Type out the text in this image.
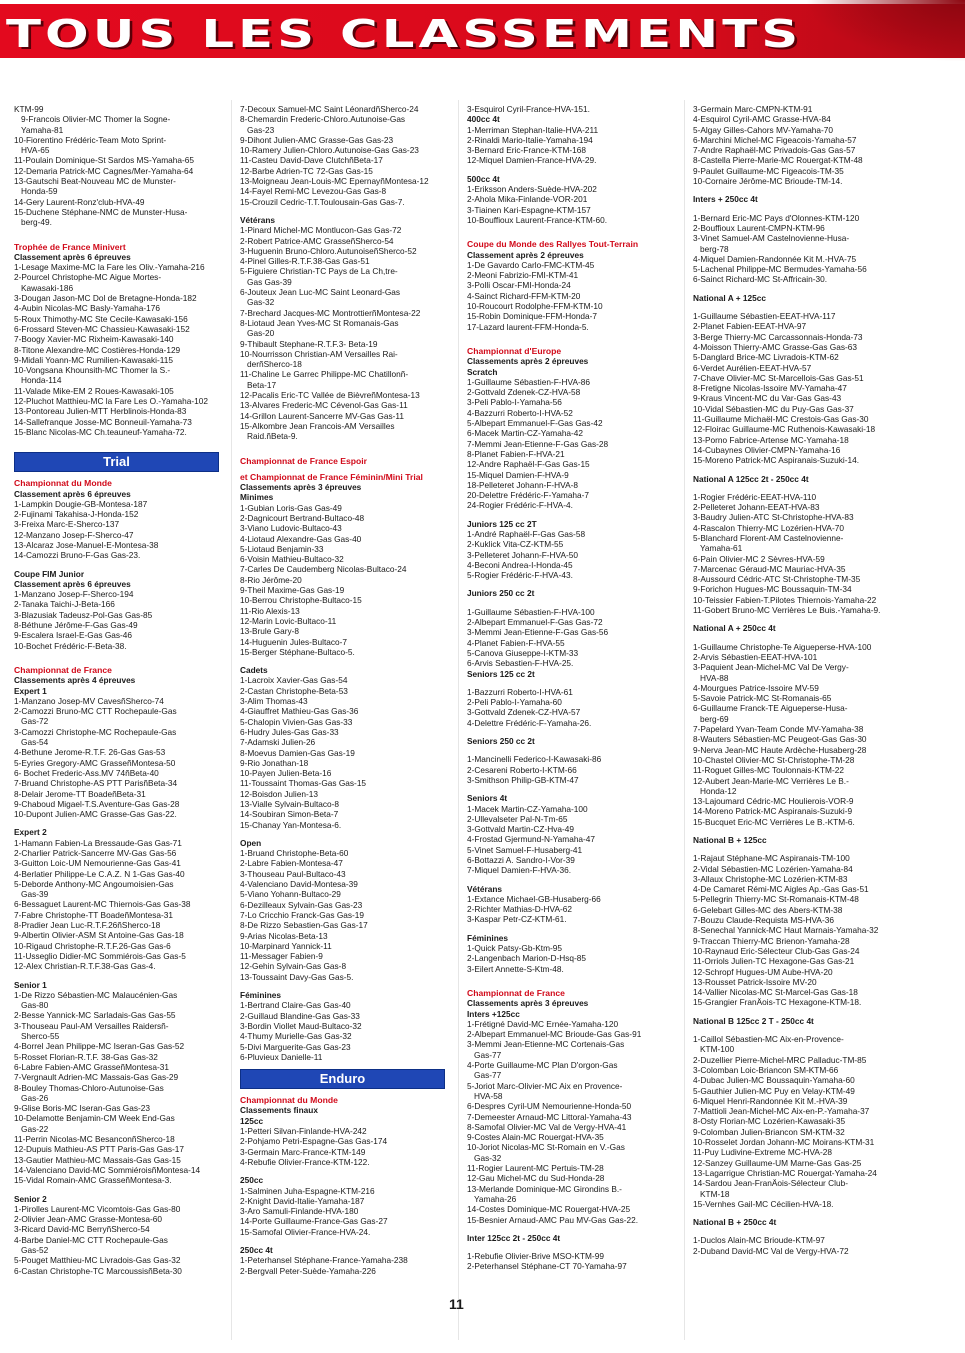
TOUS LES CLASSEMENTS
KTM-99
9-Francois Olivier-MC Thomer la Sogne-
Yamaha-81
10-Fiorentino Frédéric-Team Moto Sprint-
HVA-65
11-Poulain Dominique-St Sardos MS-Yamaha-65
12-Demaria Patrick-MC Cagnes/Mer-Yamaha-64
13-Gautschi Beat-Nouveau MC de Munster-
Honda-59
14-Gery Laurent-Ronz'club-HVA-49
15-Duchene Stéphane-NMC de Munster-Husa-
berg-49.
Trophée de France Minivert
Classement après 6 épreuves
1-Lesage Maxime-MC la Fare les Oliv.-Yamaha-216
2-Pourcel Christophe-MC Aigue Mortes-
Kawasaki-186
3-Dougan Jason-MC Dol de Bretagne-Honda-182
4-Aubin Nicolas-MC Basly-Yamaha-176
5-Roux Thimothy-MC Ste Cecile-Kawasaki-156
6-Frossard Steven-MC Chassieu-Kawasaki-152
7-Boogy Xavier-MC Rixheim-Kawasaki-140
8-Titone Alexandre-MC Costières-Honda-129
9-Midali Yoann-MC Rumilien-Kawasaki-115
10-Vongsana Khounsith-MC Thomer la S.-
Honda-114
11-Valade Mike-EM 2 Roues-Kawasaki-105
12-Pluchot Matthieu-MC la Fare Les O.-Yamaha-102
13-Pontoreau Julien-MTT Herblinois-Honda-83
14-Sallefranque Josse-MC Bonneuil-Yamaha-73
15-Blanc Nicolas-MC Ch.teauneuf-Yamaha-72.
Trial
Championnat du Monde
Classement après 6 épreuves
1-Lampkin Dougie-GB-Montesa-187
2-Fujinami Takahisa-J-Honda-152
3-Freixa Marc-E-Sherco-137
12-Manzano Josep-F-Sherco-47
13-Alcaraz Jose-Manuel-E-Montesa-38
14-Camozzi Bruno-F-Gas Gas-23.
Coupe FIM Junior
Classement après 6 épreuves
1-Manzano Josep-F-Sherco-194
2-Tanaka Taichi-J-Beta-166
3-Blazusiak Tadeusz-Pol-Gas Gas-85
8-Béthune Jérôme-F-Gas Gas-49
9-Escalera Israel-E-Gas Gas-46
10-Bochet Frédéric-F-Beta-38.
Championnat de France
Classements après 4 épreuves
Expert 1
1-Manzano Josep-MV CavesñSherco-74
2-Camozzi Bruno-MC CTT Rochepaule-Gas
Gas-72
3-Camozzi Christophe-MC Rochepaule-Gas
Gas-54
4-Bethune Jerome-R.T.F. 26-Gas Gas-53
5-Eyries Gregory-AMC GrasseñMontesa-50
6- Bochet Frederic-Ass.MV 74ñBeta-40
7-Bruand Christophe-AS PTT ParisñBeta-34
8-Delair Jerome-TT BoadeñBeta-31
9-Chaboud Migael-T.S.Aventure-Gas Gas-28
10-Dupont Julien-AMC Grasse-Gas Gas-22.
Expert 2
1-Hamann Fabien-La Bressaude-Gas Gas-71
2-Charlier Patrick-Sancerre MV-Gas Gas-56
3-Guitton Loic-UM Nemourienne-Gas Gas-41
4-Berlatier Philippe-Le C.A.Z. N 1-Gas Gas-40
5-Deborde Anthony-MC Angoumoisien-Gas
Gas-39
6-Bessaguet Laurent-MC Thiernois-Gas Gas-38
7-Fabre Christophe-TT BoadeñMontesa-31
8-Pradier Jean Luc-R.T.F.26ñSherco-18
9-Albertin Olivier-ASM St Antoine-Gas Gas-18
10-Rigaud Christophe-R.T.F.26-Gas Gas-6
11-Usseglio Didier-MC Sommiérois-Gas Gas-5
12-Alex Christian-R.T.F.38-Gas Gas-4.
Senior 1
1-De Rizzo Sébastien-MC Malaucénien-Gas
Gas-80
2-Besse Yannick-MC Sarladais-Gas Gas-55
3-Thouseau Paul-AM Versailles Raidersñ-
Sherco-55
4-Borrel Jean Philippe-MC Iseran-Gas Gas-52
5-Rosset Florian-R.T.F. 38-Gas Gas-32
6-Labre Fabien-AMC GrasseñMontesa-31
7-Vergnault Adrien-MC Massais-Gas Gas-29
8-Bouley Thomas-Chloro-Autunoise-Gas
Gas-26
9-Glise Boris-MC Iseran-Gas Gas-23
10-Delamotte Benjamin-CM Week End-Gas
Gas-22
11-Perrin Nicolas-MC BesanconñSherco-18
12-Dupuis Mathieu-AS PTT Paris-Gas Gas-17
13-Gautier Mathieu-MC Massais-Gas Gas-15
14-Valenciano David-MC SommiéroisñMontesa-14
15-Vidal Romain-AMC GrasseñMontesa-3.
Senior 2
1-Pirolles Laurent-MC Vicomtois-Gas Gas-80
2-Olivier Jean-AMC Grasse-Montesa-60
3-Ricard David-MC BerryñSherco-54
4-Barbe Daniel-MC CTT Rochepaule-Gas
Gas-52
5-Pouget Matthieu-MC Livradois-Gas Gas-32
6-Castan Christophe-TC MarcoussisñBeta-30
7-Decoux Samuel-MC Saint LéonardñSherco-24
8-Chemardin Frederic-Chloro.Autunoise-Gas
Gas-23
9-Dihont Julien-AMC Grasse-Gas Gas-23
10-Ramery Julien-Chloro.Autunoise-Gas Gas-23
11-Casteu David-Dave ClutchñBeta-17
12-Barbe Adrien-TC 72-Gas Gas-15
13-Moigneau Jean-Louis-MC EpernayñMontesa-12
14-Fayel Remi-MC Levezou-Gas Gas-8
15-Crouzil Cedric-T.T.Toulousain-Gas Gas-7.
Vétérans
1-Pinard Michel-MC Montlucon-Gas Gas-72
2-Robert Patrice-AMC GrasseñSherco-54
3-Huguenin Bruno-Chloro.AutunoiseñSherco-52
4-Pinel Gilles-R.T.F.38-Gas Gas-51
5-Figuiere Christian-TC Pays de La Ch,tre-
Gas Gas-39
6-Jouteux Jean Luc-MC Saint Leonard-Gas
Gas-32
7-Brechard Jacques-MC MontrottierñMontesa-22
8-Liotaud Jean Yves-MC St Romanais-Gas
Gas-20
9-Thibault Stephane-R.T.F.3- Beta-19
10-Nourrisson Christian-AM Versailles Rai-
derñSherco-18
11-Chaline Le Garrec Philippe-MC Chatillonñ-
Beta-17
12-Pacalis Eric-TC Vallée de BièvreñMontesa-13
13-Alvares Frederic-MC Cévenol-Gas Gas-11
14-Grillon Laurent-Sancerre MV-Gas Gas-11
15-Alkombre Jean Francois-AM Versailles
Raid.ñBeta-9.
Championnat de France Espoir
et Championnat de France Féminin/Mini Trial
Classements après 3 épreuves
Minimes
1-Gubian Loris-Gas Gas-49
2-Dagnicourt Bertrand-Bultaco-48
3-Viano Ludovic-Bultaco-43
4-Liotaud Alexandre-Gas Gas-40
5-Liotaud Benjamin-33
6-Voisin Mathieu-Bultaco-32
7-Carles De Caudemberg Nicolas-Bultaco-24
8-Rio Jérôme-20
9-Theil Maxime-Gas Gas-19
10-Berrou Christophe-Bultaco-15
11-Rio Alexis-13
12-Marin Lovic-Bultaco-11
13-Brule Gary-8
14-Huguenin Jules-Bultaco-7
15-Berger Stéphane-Bultaco-5.
Cadets
1-Lacroix Xavier-Gas Gas-54
2-Castan Christophe-Beta-53
3-Alim Thomas-43
4-Giauffret Mathieu-Gas Gas-36
5-Chalopin Vivien-Gas Gas-33
6-Hudry Jules-Gas Gas-33
7-Adamski Julien-26
8-Moevus Damien-Gas Gas-19
9-Rio Jonathan-18
10-Payen Julien-Beta-16
11-Toussaint Thomas-Gas Gas-15
12-Boisdon Julien-13
13-Vialle Sylvain-Bultaco-8
14-Soubiran Simon-Beta-7
15-Chanay Yan-Montesa-6.
Open
1-Bruand Christophe-Beta-60
2-Labre Fabien-Montesa-47
3-Thouseau Paul-Bultaco-43
4-Valenciano David-Montesa-39
5-Viano Yohann-Bultaco-29
6-Dezilleaux Sylvain-Gas Gas-23
7-Lo Cricchio Franck-Gas Gas-19
8-De Rizzo Sebastien-Gas Gas-17
9-Arias Nicolas-Beta-13
10-Marpinard Yannick-11
11-Messager Fabien-9
12-Gehin Sylvain-Gas Gas-8
13-Toussaint Davy-Gas Gas-5.
Féminines
1-Bertrand Claire-Gas Gas-40
2-Guillaud Blandine-Gas Gas-33
3-Bordin Viollet Maud-Bultaco-32
4-Thumy Murielle-Gas Gas-32
5-Divi Marguerite-Gas Gas-23
6-Pluvieux Danielle-11
Enduro
Championnat du Monde
Classements finaux
125cc
1-Petteri Silvan-Finlande-HVA-242
2-Pohjamo Petri-Espagne-Gas Gas-174
3-Germain Marc-France-KTM-149
4-Rebufie Olivier-France-KTM-122.
250cc
1-Salminen Juha-Espagne-KTM-216
2-Knight David-Italie-Yamaha-187
3-Aro Samuli-Finlande-HVA-180
14-Porte Guillaume-France-Gas Gas-27
15-Samofal Olivier-France-HVA-24.
250cc 4t
1-Peterhansel Stéphane-France-Yamaha-238
2-Bergvall Peter-Suède-Yamaha-226
3-Esquirol Cyril-France-HVA-151.
400cc 4t
1-Merriman Stephan-Italie-HVA-211
2-Rinaldi Mario-Italie-Yamaha-194
3-Bernard Eric-France-KTM-168
12-Miquel Damien-France-HVA-29.
500cc 4t
1-Eriksson Anders-Suède-HVA-202
2-Ahola Mika-Finlande-VOR-201
3-Tiainen Kari-Espagne-KTM-157
10-Bouffioux Laurent-France-KTM-60.
Coupe du Monde des Rallyes Tout-Terrain
Classement après 2 épreuves
1-De Gavardo Carlo-FMC-KTM-45
2-Meoni Fabrizio-FMI-KTM-41
3-Polli Oscar-FMI-Honda-24
4-Sainct Richard-FFM-KTM-20
10-Roucourt Rodolphe-FFM-KTM-10
15-Robin Dominique-FFM-Honda-7
17-Lazard laurent-FFM-Honda-5.
Championnat d'Europe
Classements après 2 épreuves
Scratch
1-Guillaume Sébastien-F-HVA-86
2-Gottvald Zdenek-CZ-HVA-58
3-Peli Pablo-I-Yamaha-56
4-Bazzurri Roberto-I-HVA-52
5-Albepart Emmanuel-F-Gas Gas-42
6-Macek Martin-CZ-Yamaha-42
7-Memmi Jean-Etienne-F-Gas Gas-28
8-Planet Fabien-F-HVA-21
12-Andre Raphaël-F-Gas Gas-15
15-Miquel Damien-F-HVA-9
18-Pelleteret Johann-F-HVA-8
20-Delettre Frédéric-F-Yamaha-7
24-Rogier Frédéric-F-HVA-4.
Juniors 125 cc 2T
1-André Raphaël-F-Gas Gas-58
2-Kuklick Vita-CZ-KTM-55
3-Pelleteret Johann-F-HVA-50
4-Beconi Andrea-I-Honda-45
5-Rogier Frédéric-F-HVA-43.
Juniors 250 cc 2t
1-Guillaume Sébastien-F-HVA-100
2-Albepart Emmanuel-F-Gas Gas-72
3-Memmi Jean-Etienne-F-Gas Gas-56
4-Planet Fabien-F-HVA-55
5-Canova Giuseppe-I-KTM-33
6-Arvis Sebastien-F-HVA-25.
Seniors 125 cc 2t
1-Bazzurri Roberto-I-HVA-61
2-Peli Pablo-I-Yamaha-60
3-Gottvald Zdenek-CZ-HVA-57
4-Delettre Frédéric-F-Yamaha-26.
Seniors 250 cc 2t
1-Mancinelli Federico-I-Kawasaki-86
2-Cesareni Roberto-I-KTM-66
3-Smithson Philip-GB-KTM-47
Seniors 4t
1-Macek Martin-CZ-Yamaha-100
2-Ullevalseter Pal-N-Tm-65
3-Gottvald Martin-CZ-Hva-49
4-Frostad Gjermund-N-Yamaha-47
5-Vinet Samuel-F-Husaberg-41
6-Bottazzi A. Sandro-I-Vor-39
7-Miquel Damien-F-HVA-36.
Vétérans
1-Extance Michael-GB-Husaberg-66
2-Richter Mathias-D-HVA-62
3-Kaspar Petr-CZ-KTM-61.
Féminines
1-Quick Patsy-Gb-Ktm-95
2-Langenbach Marion-D-Hsq-85
3-Eilert Annette-S-Ktm-48.
Championnat de France
Classements après 3 épreuves
Inters +125cc
1-Frétigné David-MC Ernée-Yamaha-120
2-Albepart Emmanuel-MC Brioude-Gas Gas-91
3-Memmi Jean-Etienne-MC Cortenais-Gas
Gas-77
4-Porte Guillaume-MC Plan D'orgon-Gas
Gas-77
5-Joriot Marc-Olivier-MC Aix en Provence-
HVA-58
6-Despres Cyril-UM Nemourienne-Honda-50
7-Demeester Arnaud-MC Littoral-Yamaha-43
8-Samofal Olivier-MC Val de Vergy-HVA-41
9-Costes Alain-MC Rouergat-HVA-35
10-Joriot Nicolas-MC St-Romain en V.-Gas
Gas-32
11-Rogier Laurent-MC Pertuis-TM-28
12-Gau Michel-MC du Sud-Honda-28
13-Merlande Dominique-MC Girondins B.-
Yamaha-26
14-Costes Dominique-MC Rouergat-HVA-25
15-Besnier Arnaud-AMC Pau MV-Gas Gas-22.
Inter 125cc 2t - 250cc 4t
1-Rebufie Olivier-Brive MSO-KTM-99
2-Peterhansel Stéphane-CT 70-Yamaha-97
3-Germain Marc-CMPN-KTM-91
4-Esquirol Cyril-AMC Grasse-HVA-84
5-Algay Gilles-Cahors MV-Yamaha-70
6-Marchini Michel-MC Figeacois-Yamaha-57
7-Andre Raphaël-MC Privadois-Gas Gas-57
8-Castella Pierre-Marie-MC Rouergat-KTM-48
9-Paulet Guillaume-MC Figeacois-TM-35
10-Cornaire Jérôme-MC Brioude-TM-14.
Inters + 250cc 4t
1-Bernard Eric-MC Pays d'Olonnes-KTM-120
2-Bouffioux Laurent-CMPN-KTM-96
3-Vinet Samuel-AM Castelnovienne-Husa-
berg-78
4-Miquel Damien-Randonnée Kit M.-HVA-75
5-Lachenal Philippe-MC Bermudes-Yamaha-56
6-Sainct Richard-MC St-Affricain-30.
National A + 125cc
1-Guillaume Sébastien-EEAT-HVA-117
2-Planet Fabien-EEAT-HVA-97
3-Berge Thierry-MC Carcassonnais-Honda-73
4-Moisson Thierry-AMC Grasse-Gas Gas-63
5-Danglard Brice-MC Livradois-KTM-62
6-Verdet Aurélien-EEAT-HVA-57
7-Chave Olivier-MC St-Marcellois-Gas Gas-51
8-Fretigne Nicolas-Issoire MV-Yamaha-47
9-Kraus Vincent-MC du Var-Gas Gas-43
10-Vidal Sébastien-MC du Puy-Gas Gas-37
11-Guillaume Michaël-MC Crestois-Gas Gas-30
12-Floirac Guillaume-MC Ruthenois-Kawasaki-18
13-Porno Fabrice-Artense MC-Yamaha-18
14-Cubaynes Olivier-CMPN-Yamaha-16
15-Moreno Patrick-MC Aspiranais-Suzuki-14.
National A 125cc 2t - 250cc 4t
1-Rogier Frédéric-EEAT-HVA-110
2-Pelleteret Johann-EEAT-HVA-83
3-Baudry Julien-ATC St-Christophe-HVA-83
4-Rascalon Thierry-MC Lozérien-HVA-70
5-Blanchard Florent-AM Castelnovienne-
Yamaha-61
6-Pain Olivier-MC 2 Sèvres-HVA-59
7-Marcenac Géraud-MC Mauriac-HVA-35
8-Aussourd Cédric-ATC St-Christophe-TM-35
9-Forichon Hugues-MC Boussaquin-TM-34
10-Teissier Fabien-T.Pilotes Thiernois-Yamaha-22
11-Gobert Bruno-MC Verrières Le Buis.-Yamaha-9.
National A + 250cc 4t
1-Guillaume Christophe-Te Aigueperse-HVA-100
2-Arvis Sébastien-EEAT-HVA-101
3-Paquient Jean-Michel-MC Val De Vergy-
HVA-88
4-Mourgues Patrice-Issoire MV-59
5-Savoie Patrick-MC St-Romanais-65
6-Guillaume Franck-TE Aigueperse-Husa-
berg-69
7-Papelard Yvan-Team Conde MV-Yamaha-38
8-Wauters Sébastien-MC Peugeot-Gas Gas-30
9-Nerva Jean-MC Haute Ardèche-Husaberg-28
10-Chastel Olivier-MC St-Christophe-TM-28
11-Roguet Gilles-MC Toulonnais-KTM-22
12-Aubert Jean-Marie-MC Verrières Le B.-
Honda-12
13-Lajoumard Cédric-MC Houlierois-VOR-9
14-Moreno Patrick-MC Aspiranais-Suzuki-9
15-Bucquet Eric-MC Verrières Le B.-KTM-6.
National B + 125cc
1-Rajaut Stéphane-MC Aspiranais-TM-100
2-Vidal Sébastien-MC Lozérien-Yamaha-84
3-Allaux Christophe-MC Lozérien-KTM-83
4-De Camaret Rémi-MC Aigles Ap.-Gas Gas-51
5-Pellegrin Thierry-MC St-Romanais-KTM-48
6-Gelebart Gilles-MC des Abers-KTM-38
7-Bouzu Claude-Requista MS-HVA-36
8-Senechal Yannick-MC Haut Marnais-Yamaha-32
9-Traccan Thierry-MC Brienon-Yamaha-28
10-Raynaud Eric-Sélecteur Club-Gas Gas-24
11-Orriols Julien-TC Hexagone-Gas Gas-21
12-Schropf Hugues-UM Aube-HVA-20
13-Rousset Patrick-Issoire MV-20
14-Vallier Nicolas-MC St-Marcel-Gas Gas-18
15-Grangier FranÄois-TC Hexagone-KTM-18.
National B 125cc 2 T - 250cc 4t
1-Caillol Sébastien-MC Aix-en-Provence-
KTM-100
2-Duzellier Pierre-Michel-MRC Palladuc-TM-85
3-Colomban Loic-Briancon SM-KTM-66
4-Dubac Julien-MC Boussaquin-Yamaha-60
5-Gauthier Julien-MC Puy en Velay-KTM-49
6-Miquel Henri-Randonnée Kit M.-HVA-39
7-Mattioli Jean-Michel-MC Aix-en-P.-Yamaha-37
8-Osty Florian-MC Lozérien-Kawasaki-35
9-Colomban Julien-Briancon SM-KTM-32
10-Rosselet Jordan Johann-MC Moirans-KTM-31
11-Puy Ludivine-Extreme MC-HVA-28
12-Sanzey Guillaume-UM Marne-Gas Gas-25
13-Lagarrigue Christian-MC Rouergat-Yamaha-24
14-Sardou Jean-FranÄois-Sélecteur Club-
KTM-18
15-Vernhes Gail-MC Cécilien-HVA-18.
National B + 250cc 4t
1-Duclos Alain-MC Brioude-KTM-97
2-Duband David-MC Val de Vergy-HVA-72
11
